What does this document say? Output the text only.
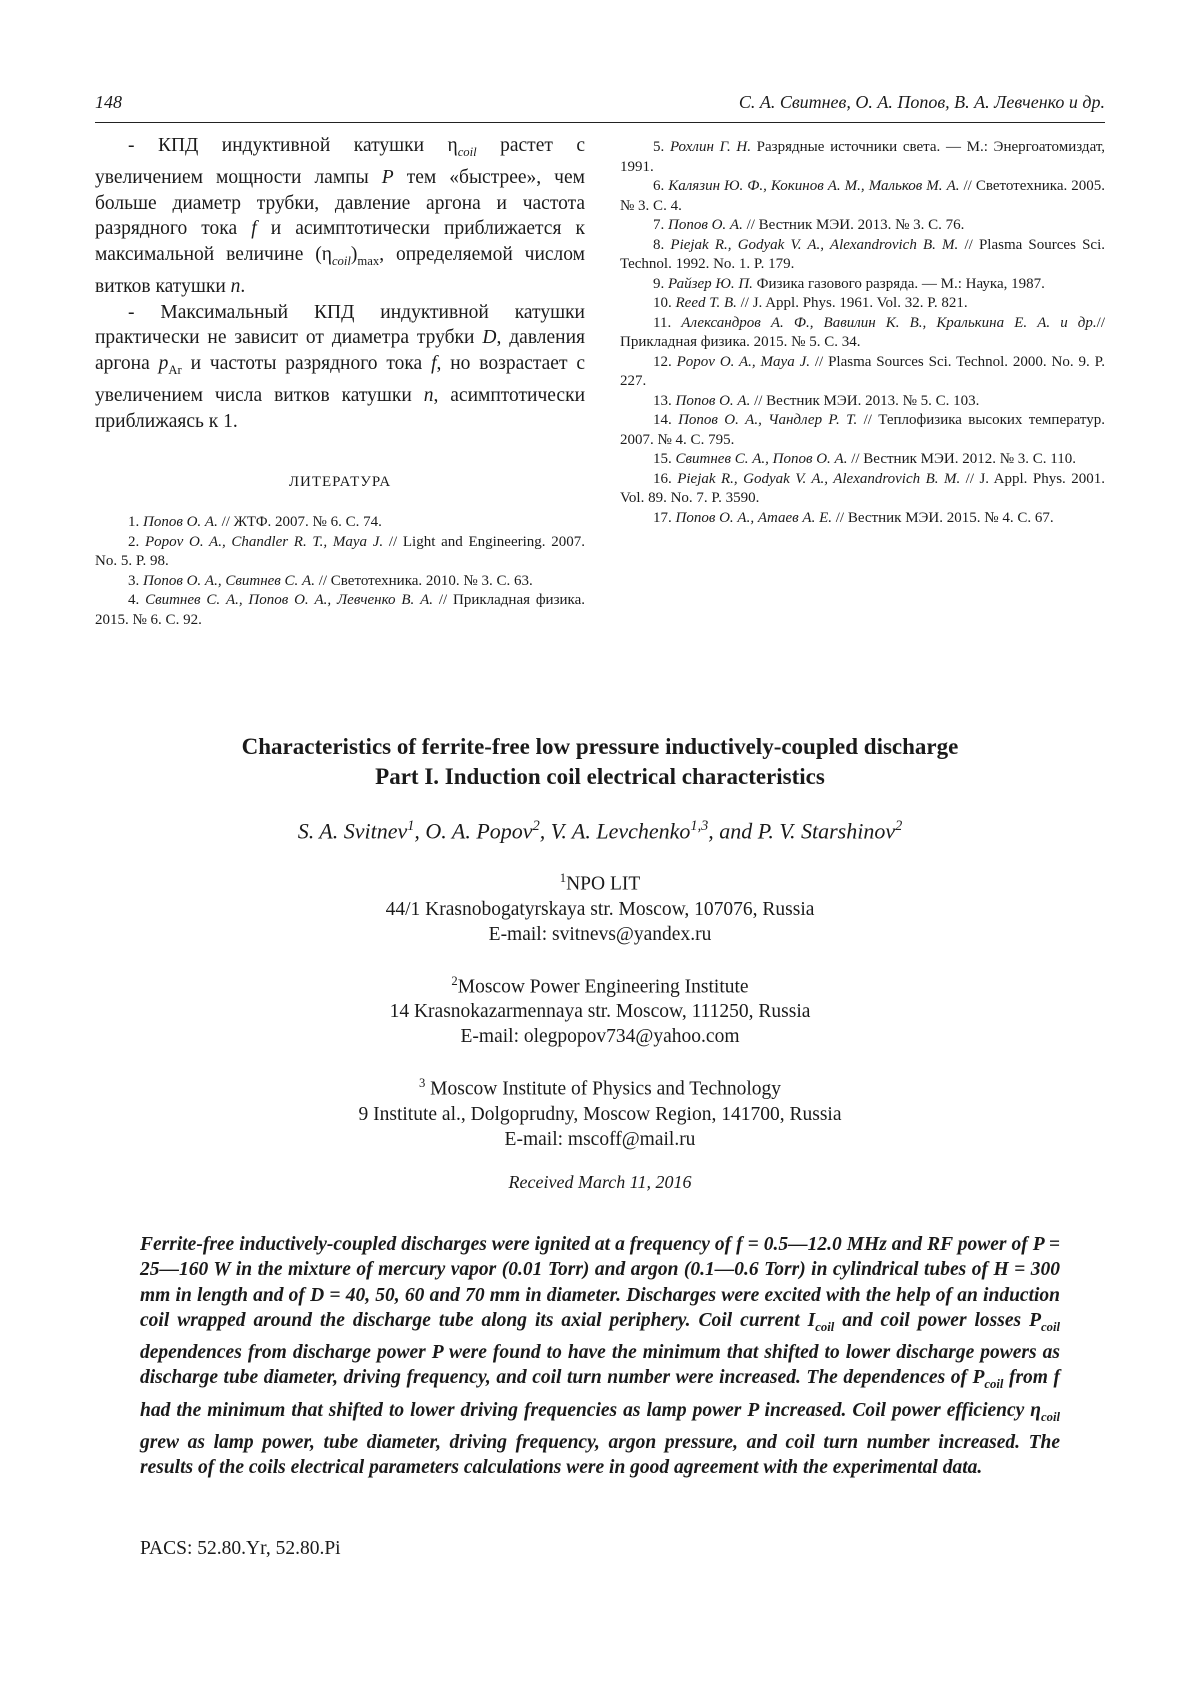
148	С. А. Свитнев, О. А. Попов, В. А. Левченко и др.

- КПД индуктивной катушки $\eta_{coil}$ растет с увеличением мощности лампы P тем «быстрее», чем больше диаметр трубки, давление аргона и частота разрядного тока f и асимптотически приближается к максимальной величине $(\eta_{coil})_{max}$, определяемой числом витков катушки n.

- Максимальный КПД индуктивной катушки практически не зависит от диаметра трубки D, давления аргона $p_{Ar}$ и частоты разрядного тока f, но возрастает с увеличением числа витков катушки n, асимптотически приближаясь к 1.

ЛИТЕРАТУРА

1. Попов О. А. // ЖТФ. 2007. № 6. С. 74.

2. Popov O. A., Chandler R. T., Maya J. // Light and Engineering. 2007. No. 5. P. 98.

3. Попов О. А., Свитнев С. А. // Светотехника. 2010. № 3. С. 63.

4. Свитнев С. А., Попов О. А., Левченко В. А. // Прикладная физика. 2015. № 6. С. 92.

5. Рохлин Г. Н. Разрядные источники света. — М.: Энергоатомиздат, 1991.

6. Калязин Ю. Ф., Кокинов А. М., Мальков М. А. // Светотехника. 2005. № 3. С. 4.

7. Попов О. А. // Вестник МЭИ. 2013. № 3. С. 76.

8. Piejak R., Godyak V. A., Alexandrovich B. M. // Plasma Sources Sci. Technol. 1992. No. 1. P. 179.

9. Райзер Ю. П. Физика газового разряда. — М.: Наука, 1987.

10. Reed T. B. // J. Appl. Phys. 1961. Vol. 32. P. 821.

11. Александров А. Ф., Вавилин К. В., Кралькина Е. А. и др.// Прикладная физика. 2015. № 5. С. 34.

12. Popov O. A., Maya J. // Plasma Sources Sci. Technol. 2000. No. 9. P. 227.

13. Попов О. А. // Вестник МЭИ. 2013. № 5. С. 103.

14. Попов О. А., Чандлер Р. Т. // Теплофизика высоких температур. 2007. № 4. С. 795.

15. Свитнев С. А., Попов О. А. // Вестник МЭИ. 2012. № 3. С. 110.

16. Piejak R., Godyak V. A., Alexandrovich B. M. // J. Appl. Phys. 2001. Vol. 89. No. 7. P. 3590.

17. Попов О. А., Атаев А. Е. // Вестник МЭИ. 2015. № 4. С. 67.

Characteristics of ferrite-free low pressure inductively-coupled discharge
Part I. Induction coil electrical characteristics
S. A. Svitnev$^1$, O. A. Popov$^2$, V. A. Levchenko$^{1,3}$, and P. V. Starshinov$^2$
$^1$NPO LIT
44/1 Krasnobogatyrskaya str. Moscow, 107076, Russia
E-mail: svitnevs@yandex.ru
$^2$Moscow Power Engineering Institute
14 Krasnokazarmennaya str. Moscow, 111250, Russia
E-mail: olegpopov734@yahoo.com
$^3$ Moscow Institute of Physics and Technology
9 Institute al., Dolgoprudny, Moscow Region, 141700, Russia
E-mail: mscoff@mail.ru
Received March 11, 2016

Ferrite-free inductively-coupled discharges were ignited at a frequency of f = 0.5—12.0 MHz and RF power of P = 25—160 W in the mixture of mercury vapor (0.01 Torr) and argon (0.1—0.6 Torr) in cylindrical tubes of H = 300 mm in length and of D = 40, 50, 60 and 70 mm in diameter. Discharges were excited with the help of an induction coil wrapped around the discharge tube along its axial periphery. Coil current $I_{coil}$ and coil power losses $P_{coil}$ dependences from discharge power P were found to have the minimum that shifted to lower discharge powers as discharge tube diameter, driving frequency, and coil turn number were increased. The dependences of $P_{coil}$ from f had the minimum that shifted to lower driving frequencies as lamp power P increased. Coil power efficiency $\eta_{coil}$ grew as lamp power, tube diameter, driving frequency, argon pressure, and coil turn number increased. The results of the coils electrical parameters calculations were in good agreement with the experimental data.

PACS: 52.80.Yr, 52.80.Pi
